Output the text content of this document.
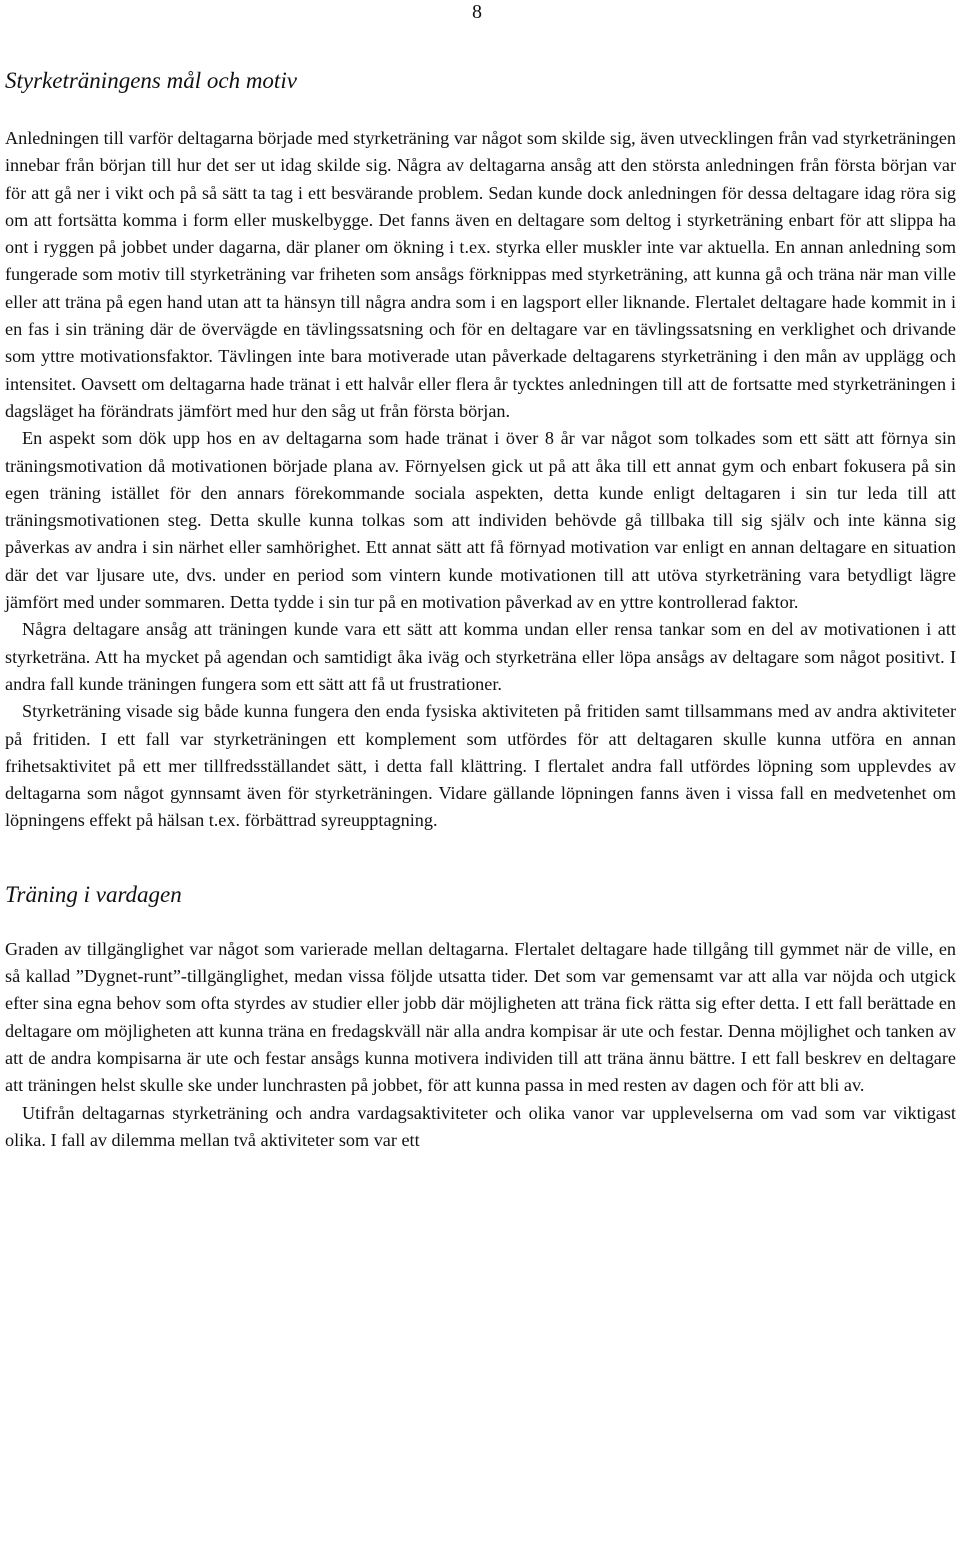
8
Styrketräningens mål och motiv

Anledningen till varför deltagarna började med styrketräning var något som skilde sig, även utvecklingen från vad styrketräningen innebar från början till hur det ser ut idag skilde sig. Några av deltagarna ansåg att den största anledningen från första början var för att gå ner i vikt och på så sätt ta tag i ett besvärande problem. Sedan kunde dock anledningen för dessa deltagare idag röra sig om att fortsätta komma i form eller muskelbygge. Det fanns även en deltagare som deltog i styrketräning enbart för att slippa ha ont i ryggen på jobbet under dagarna, där planer om ökning i t.ex. styrka eller muskler inte var aktuella. En annan anledning som fungerade som motiv till styrketräning var friheten som ansågs förknippas med styrketräning, att kunna gå och träna när man ville eller att träna på egen hand utan att ta hänsyn till några andra som i en lagsport eller liknande. Flertalet deltagare hade kommit in i en fas i sin träning där de övervägde en tävlingssatsning och för en deltagare var en tävlingssatsning en verklighet och drivande som yttre motivationsfaktor. Tävlingen inte bara motiverade utan påverkade deltagarens styrketräning i den mån av upplägg och intensitet. Oavsett om deltagarna hade tränat i ett halvår eller flera år tycktes anledningen till att de fortsatte med styrketräningen i dagsläget ha förändrats jämfört med hur den såg ut från första början.

En aspekt som dök upp hos en av deltagarna som hade tränat i över 8 år var något som tolkades som ett sätt att förnya sin träningsmotivation då motivationen började plana av. Förnyelsen gick ut på att åka till ett annat gym och enbart fokusera på sin egen träning istället för den annars förekommande sociala aspekten, detta kunde enligt deltagaren i sin tur leda till att träningsmotivationen steg. Detta skulle kunna tolkas som att individen behövde gå tillbaka till sig själv och inte känna sig påverkas av andra i sin närhet eller samhörighet. Ett annat sätt att få förnyad motivation var enligt en annan deltagare en situation där det var ljusare ute, dvs. under en period som vintern kunde motivationen till att utöva styrketräning vara betydligt lägre jämfört med under sommaren. Detta tydde i sin tur på en motivation påverkad av en yttre kontrollerad faktor.

Några deltagare ansåg att träningen kunde vara ett sätt att komma undan eller rensa tankar som en del av motivationen i att styrketräna. Att ha mycket på agendan och samtidigt åka iväg och styrketräna eller löpa ansågs av deltagare som något positivt. I andra fall kunde träningen fungera som ett sätt att få ut frustrationer.

Styrketräning visade sig både kunna fungera den enda fysiska aktiviteten på fritiden samt tillsammans med av andra aktiviteter på fritiden. I ett fall var styrketräningen ett komplement som utfördes för att deltagaren skulle kunna utföra en annan frihetsaktivitet på ett mer tillfredsställandet sätt, i detta fall klättring. I flertalet andra fall utfördes löpning som upplevdes av deltagarna som något gynnsamt även för styrketräningen. Vidare gällande löpningen fanns även i vissa fall en medvetenhet om löpningens effekt på hälsan t.ex. förbättrad syreupptagning.

Träning i vardagen

Graden av tillgänglighet var något som varierade mellan deltagarna. Flertalet deltagare hade tillgång till gymmet när de ville, en så kallad ”Dygnet-runt”-tillgänglighet, medan vissa följde utsatta tider. Det som var gemensamt var att alla var nöjda och utgick efter sina egna behov som ofta styrdes av studier eller jobb där möjligheten att träna fick rätta sig efter detta. I ett fall berättade en deltagare om möjligheten att kunna träna en fredagskväll när alla andra kompisar är ute och festar. Denna möjlighet och tanken av att de andra kompisarna är ute och festar ansågs kunna motivera individen till att träna ännu bättre. I ett fall beskrev en deltagare att träningen helst skulle ske under lunchrasten på jobbet, för att kunna passa in med resten av dagen och för att bli av.

Utifrån deltagarnas styrketräning och andra vardagsaktiviteter och olika vanor var upplevelserna om vad som var viktigast olika. I fall av dilemma mellan två aktiviteter som var ett
